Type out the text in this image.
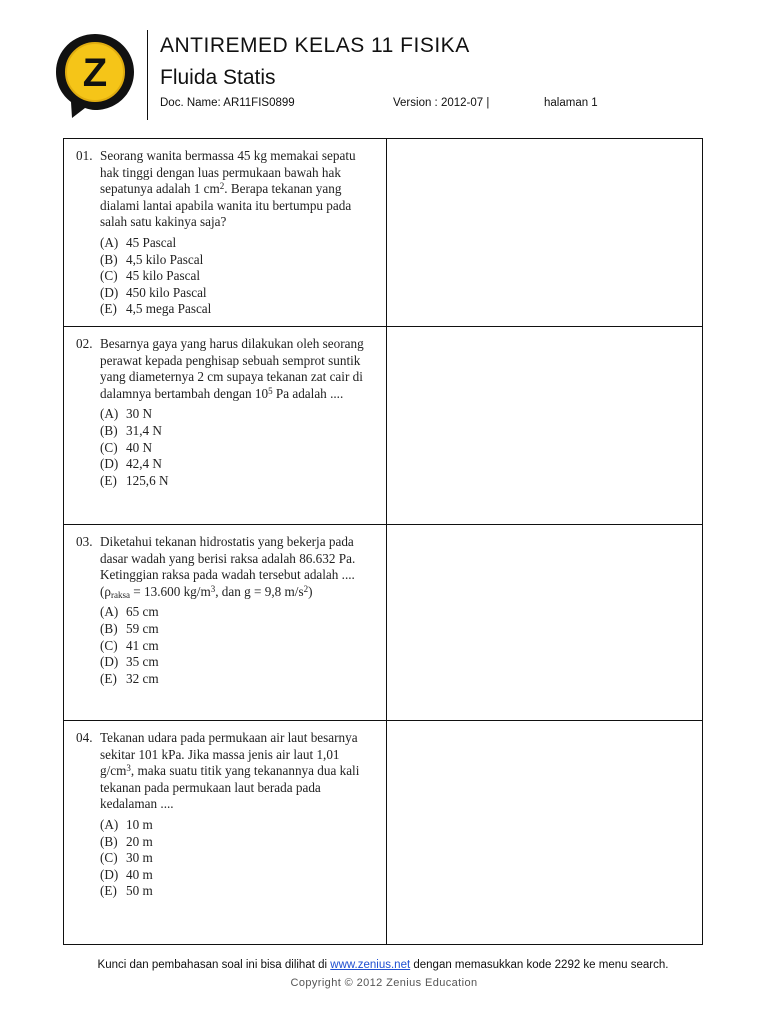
Z
ANTIREMED KELAS 11 FISIKA
Fluida Statis
Doc. Name: AR11FIS0899	Version : 2012-07 |	halaman 1
01. Seorang wanita bermassa 45 kg memakai sepatu hak tinggi dengan luas permukaan bawah hak sepatunya adalah 1 $cm^2$. Berapa tekanan yang dialami lantai apabila wanita itu bertumpu pada salah satu kakinya saja?
(A) 45 Pascal
(B) 4,5 kilo Pascal
(C) 45 kilo Pascal
(D) 450 kilo Pascal
(E) 4,5 mega Pascal
02. Besarnya gaya yang harus dilakukan oleh seorang perawat kepada penghisap sebuah semprot suntik yang diameternya 2 cm supaya tekanan zat cair di dalamnya bertambah dengan $10^5$ Pa adalah ....
(A) 30 N
(B) 31,4 N
(C) 40 N
(D) 42,4 N
(E) 125,6 N
03. Diketahui tekanan hidrostatis yang bekerja pada dasar wadah yang berisi raksa adalah 86.632 Pa. Ketinggian raksa pada wadah tersebut adalah ....
($\rho_{raksa} = 13.600$ $kg/m^3$, dan g = 9,8 $m/s^2$)
(A) 65 cm
(B) 59 cm
(C) 41 cm
(D) 35 cm
(E) 32 cm
04. Tekanan udara pada permukaan air laut besarnya sekitar 101 kPa. Jika massa jenis air laut 1,01 $g/cm^3$, maka suatu titik yang tekanannya dua kali tekanan pada permukaan laut berada pada kedalaman ....
(A) 10 m
(B) 20 m
(C) 30 m
(D) 40 m
(E) 50 m
Kunci dan pembahasan soal ini bisa dilihat di www.zenius.net dengan memasukkan kode 2292 ke menu search.
Copyright © 2012 Zenius Education
